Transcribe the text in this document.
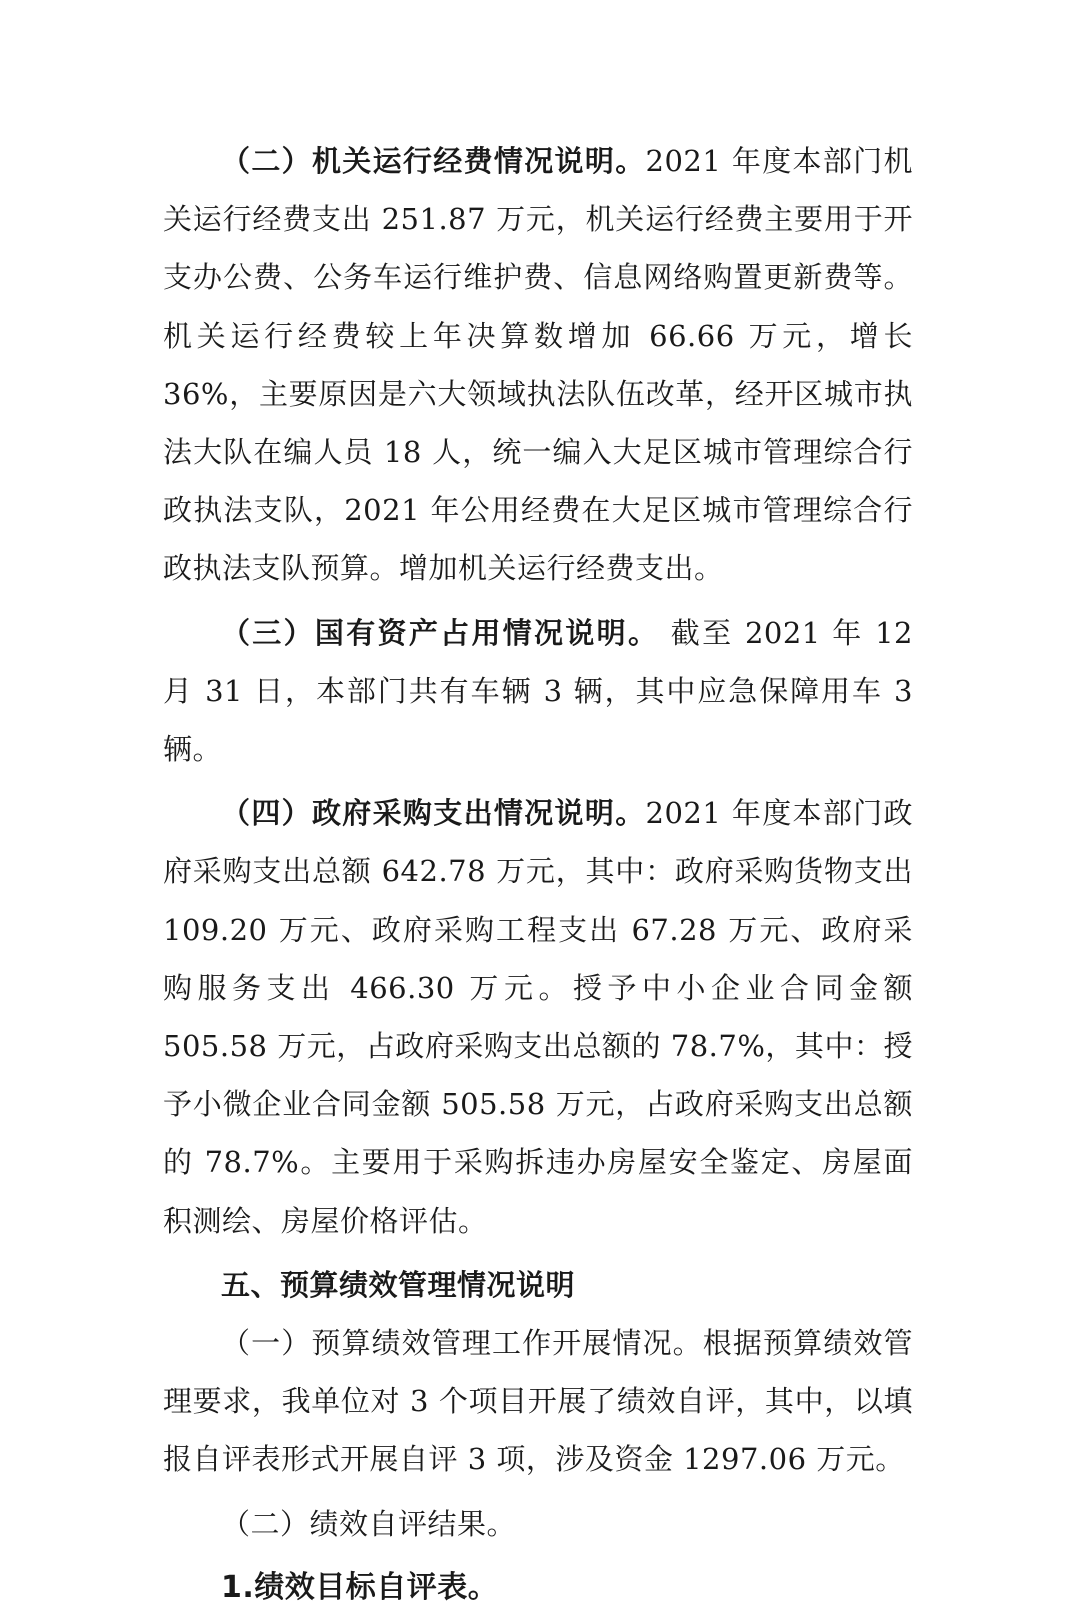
（二）机关运行经费情况说明。2021 年度本部门机关运行经费支出 251.87 万元，机关运行经费主要用于开支办公费、公务车运行维护费、信息网络购置更新费等。机关运行经费较上年决算数增加 66.66 万元，增长 36%，主要原因是六大领域执法队伍改革，经开区城市执法大队在编人员 18 人，统一编入大足区城市管理综合行政执法支队，2021 年公用经费在大足区城市管理综合行政执法支队预算。增加机关运行经费支出。

（三）国有资产占用情况说明。 截至 2021 年 12 月 31 日，本部门共有车辆 3 辆，其中应急保障用车 3 辆。

（四）政府采购支出情况说明。2021 年度本部门政府采购支出总额 642.78 万元，其中：政府采购货物支出 109.20 万元、政府采购工程支出 67.28 万元、政府采购服务支出 466.30 万元。授予中小企业合同金额 505.58 万元，占政府采购支出总额的 78.7%，其中：授予小微企业合同金额 505.58 万元，占政府采购支出总额的 78.7%。主要用于采购拆违办房屋安全鉴定、房屋面积测绘、房屋价格评估。

五、预算绩效管理情况说明

（一）预算绩效管理工作开展情况。根据预算绩效管理要求，我单位对 3 个项目开展了绩效自评，其中，以填报自评表形式开展自评 3 项，涉及资金 1297.06 万元。

（二）绩效自评结果。

1.绩效目标自评表。
